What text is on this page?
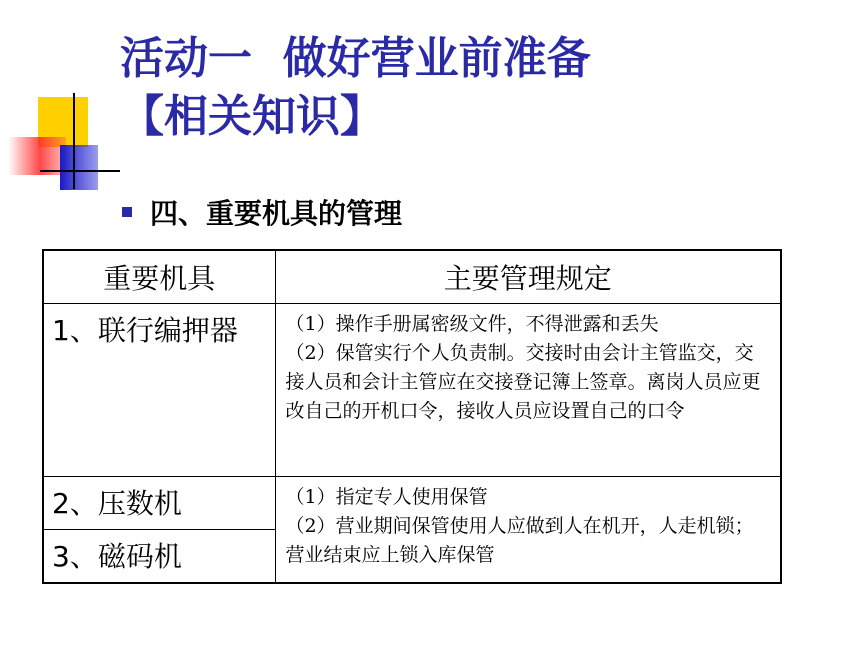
活动一  做好营业前准备
【相关知识】
四、重要机具的管理
重要机具	主要管理规定
1、联行编押器	（1）操作手册属密级文件，不得泄露和丢失

（2）保管实行个人负责制。交接时由会计主管监交，交接人员和会计主管应在交接登记簿上签章。离岗人员应更改自己的开机口令，接收人员应设置自己的口令

2、压数机	（1）指定专人使用保管

（2）营业期间保管使用人应做到人在机开，人走机锁；营业结束应上锁入库保管

3、磁码机	
